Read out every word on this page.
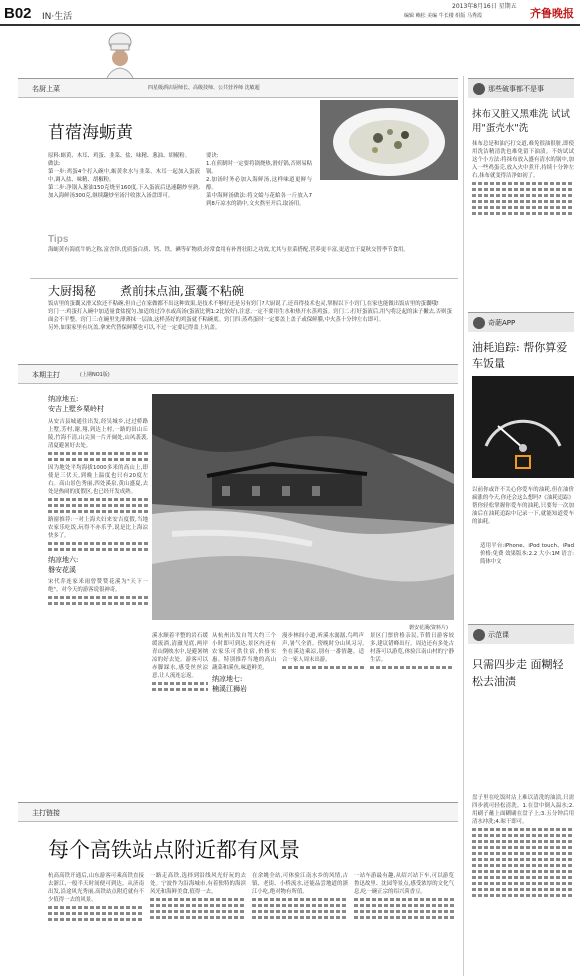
B02 IN·生活
2013年8月16日 星期五
编辑 赖松 美编 牛长楼 组版 马秀霞	齐鲁晚报
名厨上菜	四星级酒店厨师长、高级技师、公共营养师 沈敏超
苜蓿海蛎黄
原料:蛎黄、木耳、鸡蛋、韭菜、盐、味精、葱油、胡椒粉。
做法:
第一步:鸡蛋4个打入碗中,蛎黄汆水与韭菜、木耳一起加入蛋液中,调入盐、味精、胡椒粉。
第二步:净锅入葱油150克烧至160度,下入蛋液后迅速翻炒至熟,加入海鲜汤300克,继续翻炒至汤汁收浓入汤盘即可。
要诀:
1.在煎制时一定要将锅烧热,滑好锅,否则易粘锅。
2.加汤时务必加入海鲜汤,这样味道更鲜与醇。
菜中海鲜汤做法:将文蛤与花蛤各一斤放入7到8斤凉水的锅中,文火熬至开后,取汤用。
Tips
海蛎黄有海底牛奶之称,富含锌,优质蛋白质、钙、铁、碘等矿物质;经常食用有补肾壮阳之功效,尤其与韭菜搭配,营养更丰富,更适宜于夏秋交替季节食用。
大厨揭秘 煮前抹点油,蛋囊不粘碗
饭店里的蛋囊又滑又软还不粘碗,但自己在家做都不出这种效果,是技术不够好还是另有窍门?大厨说了,还真得技术也灵,掌握以下小窍门,在家也能做出饭店里的蛋囊哦!
窍门一:鸡蛋打入碗中加适量食盐搅匀,加适的过冷水或高汤(蛋液比例1:2比较好),注意,一定不要用生水和热开水蒸鸡蛋。窍门二:打好蛋液后,用勺将泛起的沫子撇去,否则蛋面会不平整。窍门三:在碗里先薄薄抹一层油,这样蒸好的鸡蛋就不粘碗底。窍门四:蒸鸡蛋时一定要盖上盖子或保鲜膜,中火蒸十分钟左右即可。
另外,如果家里有坑盖,拿来代替保鲜膜也可以,不过一定要记得盖上坑盖。
本期主打	(上期NO1版)
纳凉地五:
安吉上墅乡栗岭村
从安吉县城通往出发,经吴城乡,过过桥路上墅,芳村,谢,翔,到达上村,一路的田山丘陵,竹海不清,山尖顶一片开阔处,山风袭袭,清夏避暑好去处。
因为地处平均海拔1000多米的高山上,即使是三伏天,到晚上温度也只有20度左右。高山景色秀丽,四处溪泉,黄山盛夏,去处是热闹的度假区,也已经开发成熟。
路窗推荐:一对上海夫妇来安吉度假,当地农家乐吃饭,玩得不亦乐乎,说是比上海凉快多了。
纳凉地六:
磐安花溪
宋代乔连家米雨曾赞赞花溪为"天下一绝"。对今天的游客说很神奇。
磐安花溪(资料片)
溪水顺着平整的岩石缓缓流淌,清澈见底,两岸青山倒映水中,是避暑纳凉的好去处。游客可以赤脚踩水,感受丝丝凉意,让人流连忘返。
从杭州出发自驾大约三个小时即可到达,景区内还有农家乐可供住宿,价格实惠。特别推荐当地的高山蔬菜和溪鱼,味道鲜美。
纳凉地七:
楠溪江狮岩
漫步林间小道,听溪水潺潺,鸟鸣声声,暑气全消。傍晚时分山风习习,坐在溪边乘凉,别有一番情趣。适合一家人周末出游。
景区门票价格亲民,节假日游客较多,建议错峰出行。周边还有多处古村落可以游览,体验江南山村的宁静生活。
主打链接
每个高铁站点附近都有风景
杭高高铁开通后,山东游客可乘高铁直接去浙江,一般半天时间便可到达。从济南出发,沿途风光秀丽,高铁站点附近就有不少值得一去的风景。
一路走高铁,选择到沿线风光好玩的去处。宁波作为沿海城市,有着独特的海滨风光和海鲜美食,值得一去。
在余姚全站,可体验江南水乡的风情,古镇、老街、小桥流水,还能品尝地道的浙江小吃,绝对物有所值。
一站车游最有趣,从绍兴站下车,可以游览鲁迅故里、沈园等景点,感受浓厚的文化气息,吃一碗正宗的绍兴茴香豆。
那些破事都不是事
抹布又脏又黑难洗 试试用"蛋壳水"洗
抹布总是和油污打交道,难免很油很脏,即使用洗洁精清洗也难免留下油渍。不妨试试这个小方法:将抹布放入盛有清水的锅中,加入一些鸡蛋壳,放入火中煮开,持续十分钟左右,抹布就变得洁净如初了。
奇葩APP
油耗追踪: 帮你算爱车饭量
以前你或许不关心你爱车的油耗,但在油价疯涨的今天,你还会这么想吗?《油耗追踪》帮你轻松掌握你爱车的油耗,只要每一次加油后在油耗追踪中记录一下,就能知道爱车的油耗。
适用平台:iPhone、iPod touch、iPad 价格:免费 效果版本:2.2 大小:1M 语言:简体中文
示范课
只需四步走 面糊轻松去油渍
盘子里在吃饭时沾上难以清洗的油渍,只需四步就可轻松清洗。1.在盘中倒入温水;2.用刷子蘸上面糊刷在盘子上;3.五分钟后用清水冲洗;4.晾干即可。
